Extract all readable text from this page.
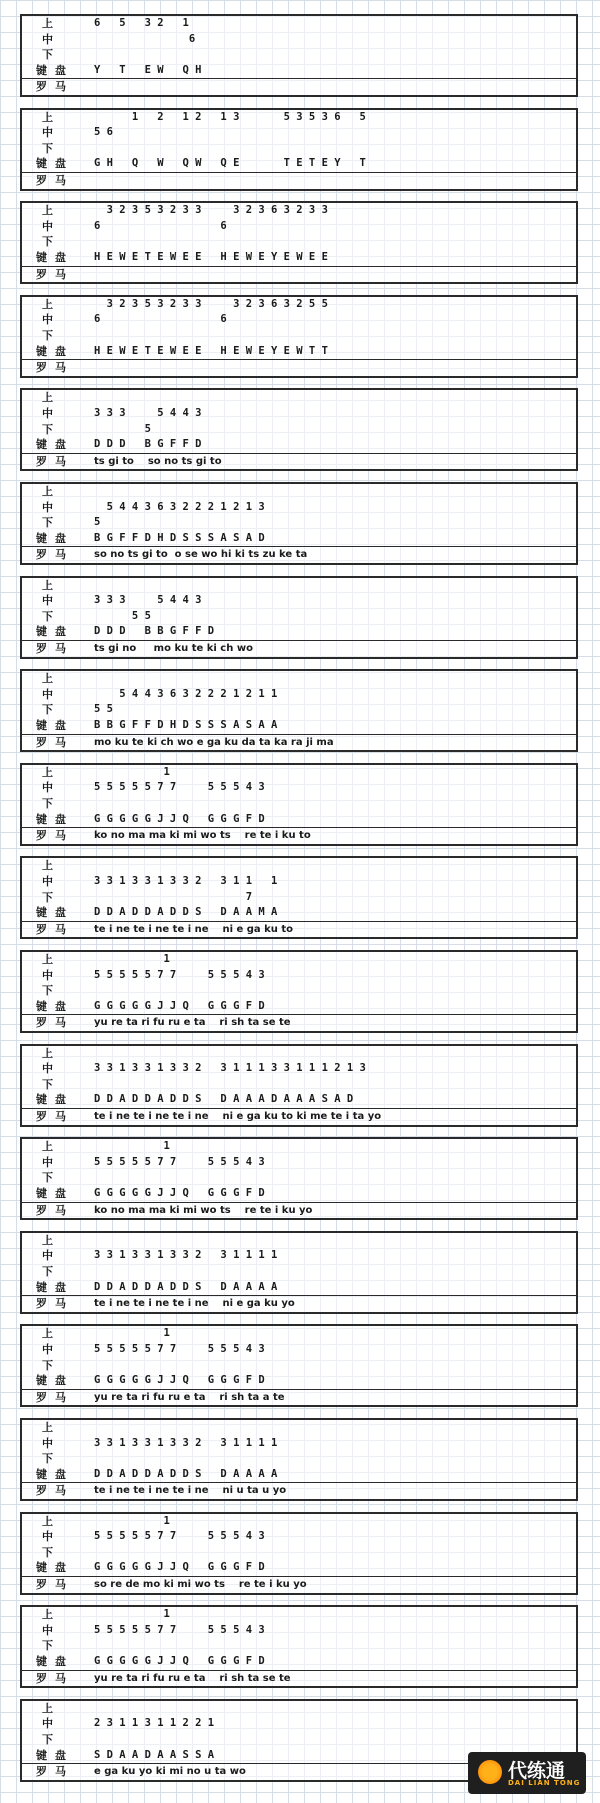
上	6   5   3 2   1
中	6
下
键 盘	Y   T   E W   Q H
罗 马
上	1   2   1 2   1 3       5 3 5 3 6   5
中	5 6
下
键 盘	G H   Q   W   Q W   Q E       T E T E Y   T
罗 马
上	3 2 3 5 3 2 3 3     3 2 3 6 3 2 3 3
中	6                   6
下
键 盘	H E W E T E W E E   H E W E Y E W E E
罗 马
上	3 2 3 5 3 2 3 3     3 2 3 6 3 2 5 5
中	6                   6
下
键 盘	H E W E T E W E E   H E W E Y E W T T
罗 马
上
中	3 3 3     5 4 4 3
下	5
键 盘	D D D   B G F F D
罗 马	ts gi to    so no ts gi to
上
中	5 4 4 3 6 3 2 2 2 1 2 1 3
下	5
键 盘	B G F F D H D S S S A S A D
罗 马	so no ts gi to  o se wo hi ki ts zu ke ta
上
中	3 3 3     5 4 4 3
下	5 5
键 盘	D D D   B B G F F D
罗 马	ts gi no     mo ku te ki ch wo
上
中	5 4 4 3 6 3 2 2 2 1 2 1 1
下	5 5
键 盘	B B G F F D H D S S S A S A A
罗 马	mo ku te ki ch wo e ga ku da ta ka ra ji ma
上	1
中	5 5 5 5 5 7 7     5 5 5 4 3
下
键 盘	G G G G G J J Q   G G G F D
罗 马	ko no ma ma ki mi wo ts    re te i ku to
上
中	3 3 1 3 3 1 3 3 2   3 1 1   1
下	7
键 盘	D D A D D A D D S   D A A M A
罗 马	te i ne te i ne te i ne    ni e ga ku to
上	1
中	5 5 5 5 5 7 7     5 5 5 4 3
下
键 盘	G G G G G J J Q   G G G F D
罗 马	yu re ta ri fu ru e ta    ri sh ta se te
上
中	3 3 1 3 3 1 3 3 2   3 1 1 1 3 3 1 1 1 2 1 3
下
键 盘	D D A D D A D D S   D A A A D A A A S A D
罗 马	te i ne te i ne te i ne    ni e ga ku to ki me te i ta yo
上	1
中	5 5 5 5 5 7 7     5 5 5 4 3
下
键 盘	G G G G G J J Q   G G G F D
罗 马	ko no ma ma ki mi wo ts    re te i ku yo
上
中	3 3 1 3 3 1 3 3 2   3 1 1 1 1
下
键 盘	D D A D D A D D S   D A A A A
罗 马	te i ne te i ne te i ne    ni e ga ku yo
上	1
中	5 5 5 5 5 7 7     5 5 5 4 3
下
键 盘	G G G G G J J Q   G G G F D
罗 马	yu re ta ri fu ru e ta    ri sh ta a te
上
中	3 3 1 3 3 1 3 3 2   3 1 1 1 1
下
键 盘	D D A D D A D D S   D A A A A
罗 马	te i ne te i ne te i ne    ni u ta u yo
上	1
中	5 5 5 5 5 7 7     5 5 5 4 3
下
键 盘	G G G G G J J Q   G G G F D
罗 马	so re de mo ki mi wo ts    re te i ku yo
上	1
中	5 5 5 5 5 7 7     5 5 5 4 3
下
键 盘	G G G G G J J Q   G G G F D
罗 马	yu re ta ri fu ru e ta    ri sh ta se te
上
中	2 3 1 1 3 1 1 2 2 1
下
键 盘	S D A A D A A S S A
罗 马	e ga ku yo ki mi no u ta wo	代练通
DAI LIAN TONG
